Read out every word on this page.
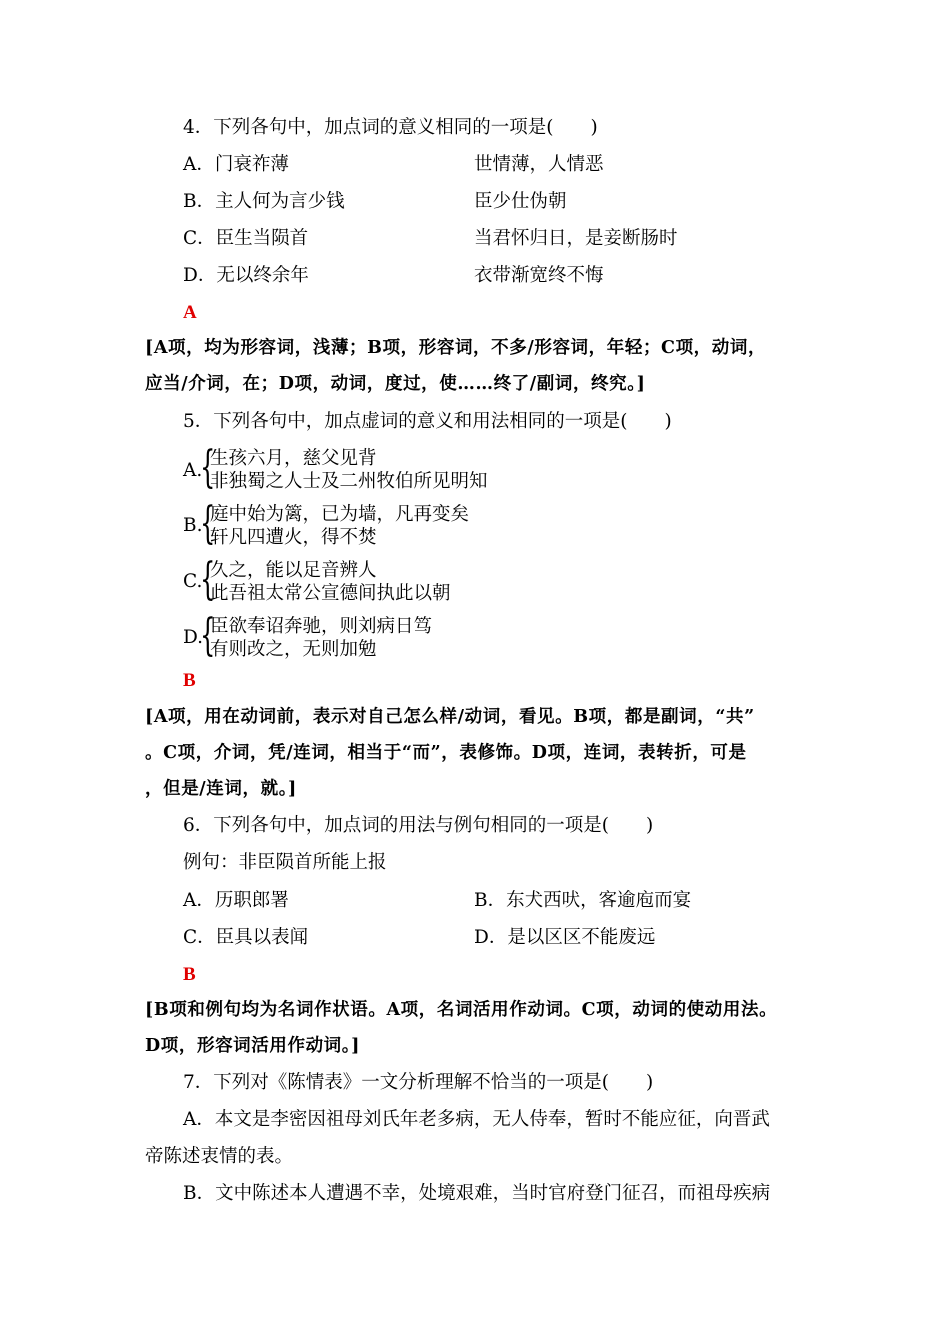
4．下列各句中，加点词的意义相同的一项是(　　)
A．门衰祚薄	世情薄，人情恶
B．主人何为言少钱	臣少仕伪朝
C．臣生当陨首	当君怀归日，是妾断肠时
D．无以终余年	衣带渐宽终不悔
A
[A项，均为形容词，浅薄；B项，形容词，不多/形容词，年轻；C项，动词，
应当/介词，在；D项，动词，度过，使……终了/副词，终究。]
5．下列各句中，加点虚词的意义和用法相同的一项是(　　)
A.
{
生孩六月，慈父见背
非独蜀之人士及二州牧伯所见明知
B.
{
庭中始为篱，已为墙，凡再变矣
轩凡四遭火，得不焚
C.
{
久之，能以足音辨人
此吾祖太常公宣德间执此以朝
D.
{
臣欲奉诏奔驰，则刘病日笃
有则改之，无则加勉
B
[A项，用在动词前，表示对自己怎么样/动词，看见。B项，都是副词，“共”
。C项，介词，凭/连词，相当于“而”，表修饰。D项，连词，表转折，可是
，但是/连词，就。]
6．下列各句中，加点词的用法与例句相同的一项是(　　)
例句：非臣陨首所能上报
A．历职郎署	B．东犬西吠，客逾庖而宴
C．臣具以表闻	D．是以区区不能废远
B
[B项和例句均为名词作状语。A项，名词活用作动词。C项，动词的使动用法。
D项，形容词活用作动词。]
7．下列对《陈情表》一文分析理解不恰当的一项是(　　)
A．本文是李密因祖母刘氏年老多病，无人侍奉，暂时不能应征，向晋武
帝陈述衷情的表。
B．文中陈述本人遭遇不幸，处境艰难，当时官府登门征召，而祖母疾病
